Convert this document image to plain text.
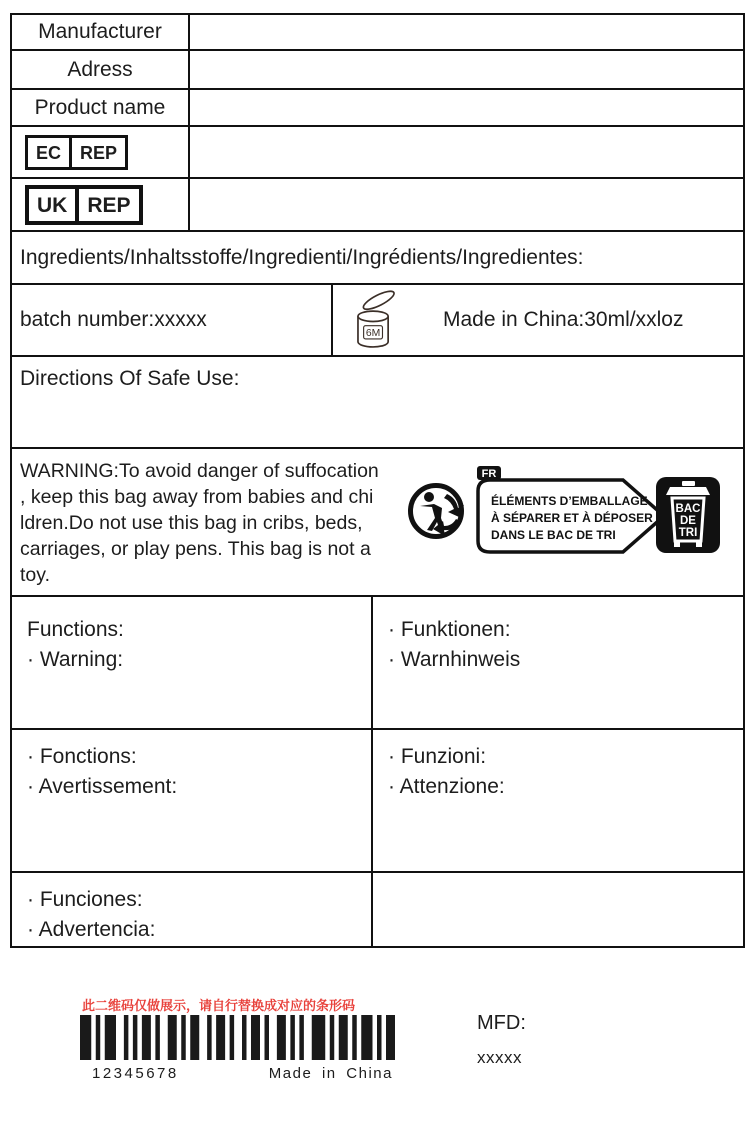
Manufacturer
Adress
Product name
EC	REP
UK REP
Ingredients/Inhaltsstoffe/Ingredienti/Ingrédients/Ingredientes:
batch number:xxxxx
6M
Made in China:30ml/xxloz
Directions Of Safe Use:
WARNING:To avoid danger of suffocation
, keep this bag away from babies and chi
ldren.Do not use this bag in cribs, beds,
carriages, or play pens. This bag is not a
toy.
FR
ÉLÉMENTS D’EMBALLAGE
À SÉPARER ET À DÉPOSER
DANS LE BAC DE TRI
BAC
DE
TRI
Functions:
· Warning:
· Funktionen:
· Warnhinweis
· Fonctions:
· Avertissement:
· Funzioni:
· Attenzione:
· Funciones:
· Advertencia:
此二维码仅做展示，请自行替换成对应的条形码
12345678	Made in China
MFD:
xxxxx
